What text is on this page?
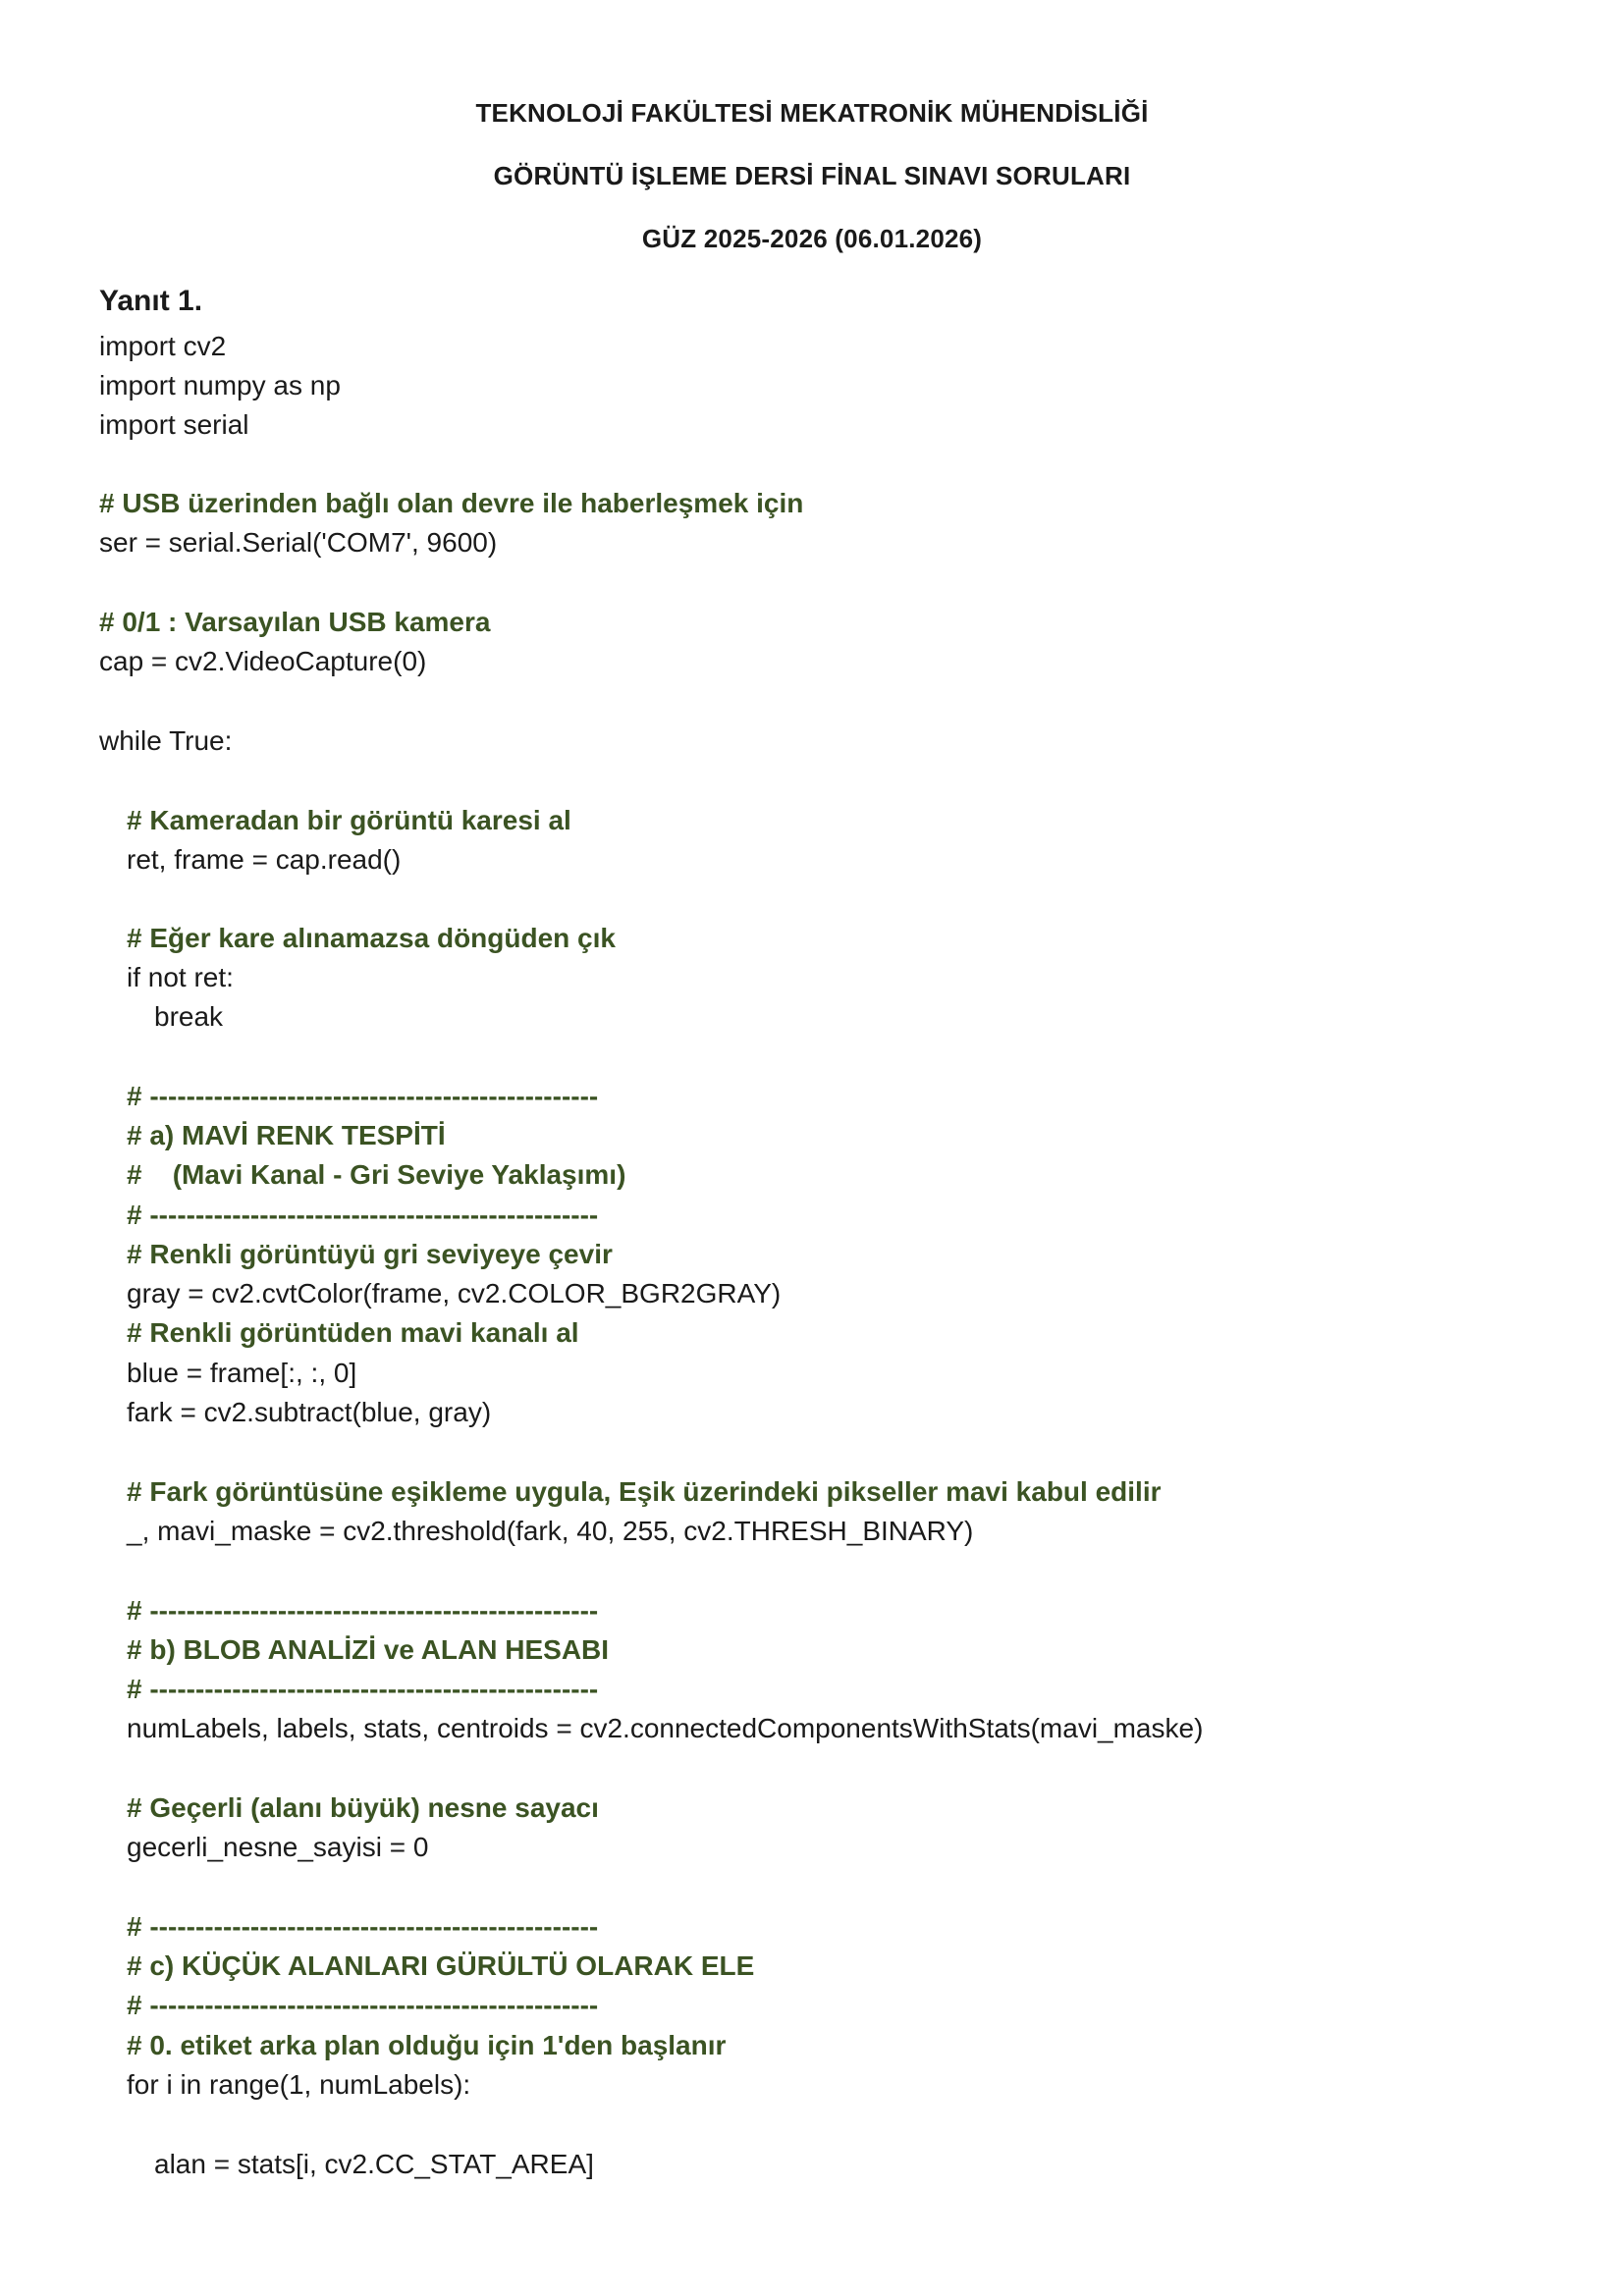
TEKNOLOJİ FAKÜLTESİ MEKATRONİK MÜHENDİSLİĞİ
GÖRÜNTÜ İŞLEME DERSİ FİNAL SINAVI SORULARI
GÜZ 2025-2026 (06.01.2026)
Yanıt 1.
import cv2
import numpy as np
import serial
# USB üzerinden bağlı olan devre ile haberleşmek için
ser = serial.Serial('COM7', 9600)
# 0/1 : Varsayılan USB kamera
cap = cv2.VideoCapture(0)
while True:
# Kameradan bir görüntü karesi al
ret, frame = cap.read()
# Eğer kare alınamazsa döngüden çık
if not ret:
break
# -------------------------------------------------
# a) MAVİ RENK TESPİTİ
#    (Mavi Kanal - Gri Seviye Yaklaşımı)
# -------------------------------------------------
# Renkli görüntüyü gri seviyeye çevir
gray = cv2.cvtColor(frame, cv2.COLOR_BGR2GRAY)
# Renkli görüntüden mavi kanalı al
blue = frame[:, :, 0]
fark = cv2.subtract(blue, gray)
# Fark görüntüsüne eşikleme uygula, Eşik üzerindeki pikseller mavi kabul edilir
_, mavi_maske = cv2.threshold(fark, 40, 255, cv2.THRESH_BINARY)
# -------------------------------------------------
# b) BLOB ANALİZİ ve ALAN HESABI
# -------------------------------------------------
numLabels, labels, stats, centroids = cv2.connectedComponentsWithStats(mavi_maske)
# Geçerli (alanı büyük) nesne sayacı
gecerli_nesne_sayisi = 0
# -------------------------------------------------
# c) KÜÇÜK ALANLARI GÜRÜLTÜ OLARAK ELE
# -------------------------------------------------
# 0. etiket arka plan olduğu için 1'den başlanır
for i in range(1, numLabels):
alan = stats[i, cv2.CC_STAT_AREA]
